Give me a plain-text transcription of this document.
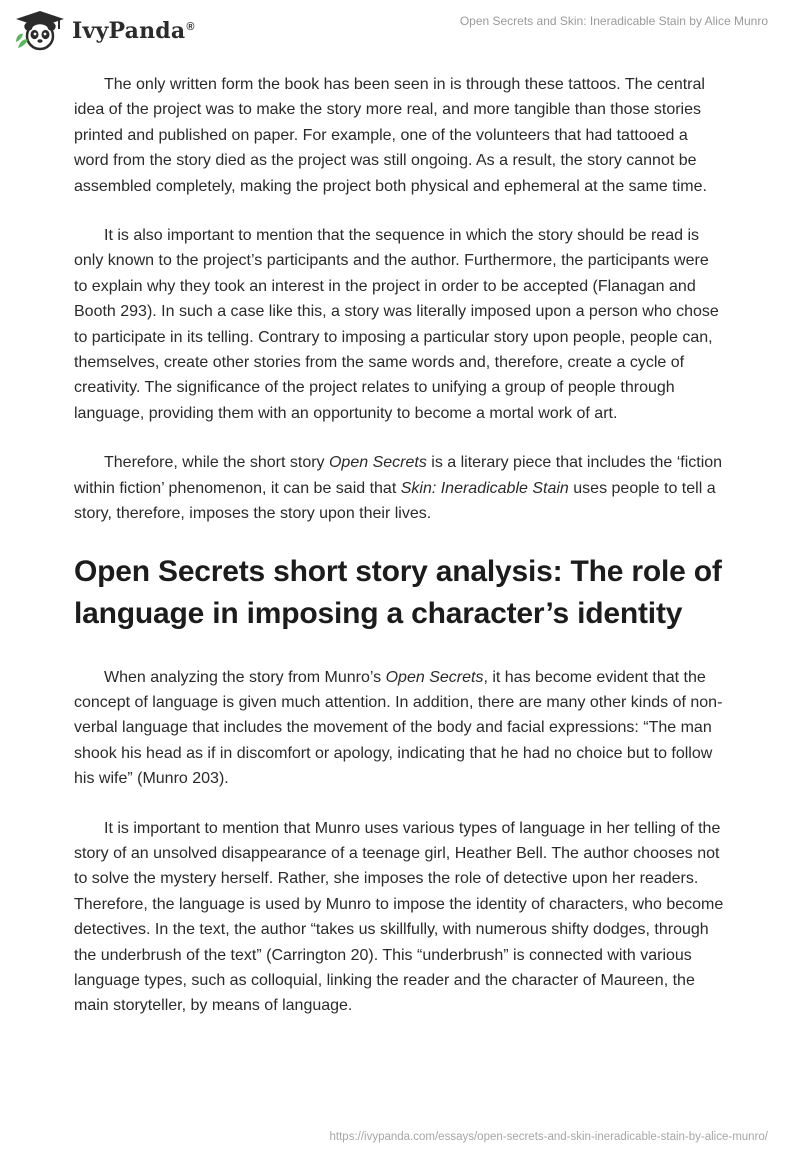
IvyPanda®	Open Secrets and Skin: Ineradicable Stain by Alice Munro

The only written form the book has been seen in is through these tattoos. The central idea of the project was to make the story more real, and more tangible than those stories printed and published on paper. For example, one of the volunteers that had tattooed a word from the story died as the project was still ongoing. As a result, the story cannot be assembled completely, making the project both physical and ephemeral at the same time.

It is also important to mention that the sequence in which the story should be read is only known to the project’s participants and the author. Furthermore, the participants were to explain why they took an interest in the project in order to be accepted (Flanagan and Booth 293). In such a case like this, a story was literally imposed upon a person who chose to participate in its telling. Contrary to imposing a particular story upon people, people can, themselves, create other stories from the same words and, therefore, create a cycle of creativity. The significance of the project relates to unifying a group of people through language, providing them with an opportunity to become a mortal work of art.

Therefore, while the short story Open Secrets is a literary piece that includes the ‘fiction within fiction’ phenomenon, it can be said that Skin: Ineradicable Stain uses people to tell a story, therefore, imposes the story upon their lives.

Open Secrets short story analysis: The role of language in imposing a character’s identity

When analyzing the story from Munro’s Open Secrets, it has become evident that the concept of language is given much attention. In addition, there are many other kinds of non-verbal language that includes the movement of the body and facial expressions: “The man shook his head as if in discomfort or apology, indicating that he had no choice but to follow his wife” (Munro 203).

It is important to mention that Munro uses various types of language in her telling of the story of an unsolved disappearance of a teenage girl, Heather Bell. The author chooses not to solve the mystery herself. Rather, she imposes the role of detective upon her readers. Therefore, the language is used by Munro to impose the identity of characters, who become detectives. In the text, the author “takes us skillfully, with numerous shifty dodges, through the underbrush of the text” (Carrington 20). This “underbrush” is connected with various language types, such as colloquial, linking the reader and the character of Maureen, the main storyteller, by means of language.

https://ivypanda.com/essays/open-secrets-and-skin-ineradicable-stain-by-alice-munro/
